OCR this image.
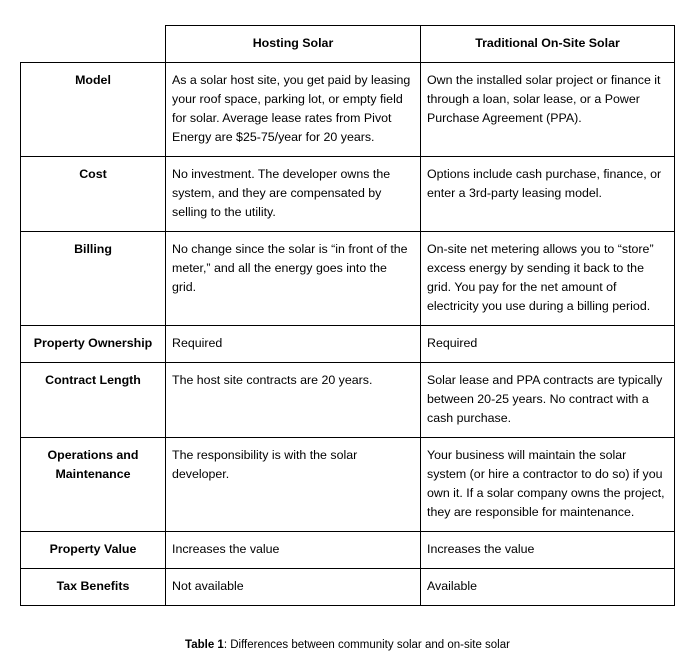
	Hosting Solar	Traditional On-Site Solar
Model	As a solar host site, you get paid by leasing your roof space, parking lot, or empty field for solar. Average lease rates from Pivot Energy are $25-75/year for 20 years.	Own the installed solar project or finance it through a loan, solar lease, or a Power Purchase Agreement (PPA).
Cost	No investment. The developer owns the system, and they are compensated by selling to the utility.	Options include cash purchase, finance, or enter a 3rd-party leasing model.
Billing	No change since the solar is “in front of the meter,” and all the energy goes into the grid.	On-site net metering allows you to “store” excess energy by sending it back to the grid. You pay for the net amount of electricity you use during a billing period.
Property Ownership	Required	Required
Contract Length	The host site contracts are 20 years.	Solar lease and PPA contracts are typically between 20-25 years. No contract with a cash purchase.
Operations and Maintenance	The responsibility is with the solar developer.	Your business will maintain the solar system (or hire a contractor to do so) if you own it. If a solar company owns the project, they are responsible for maintenance.
Property Value	Increases the value	Increases the value
Tax Benefits	Not available	Available
Table 1: Differences between community solar and on-site solar
